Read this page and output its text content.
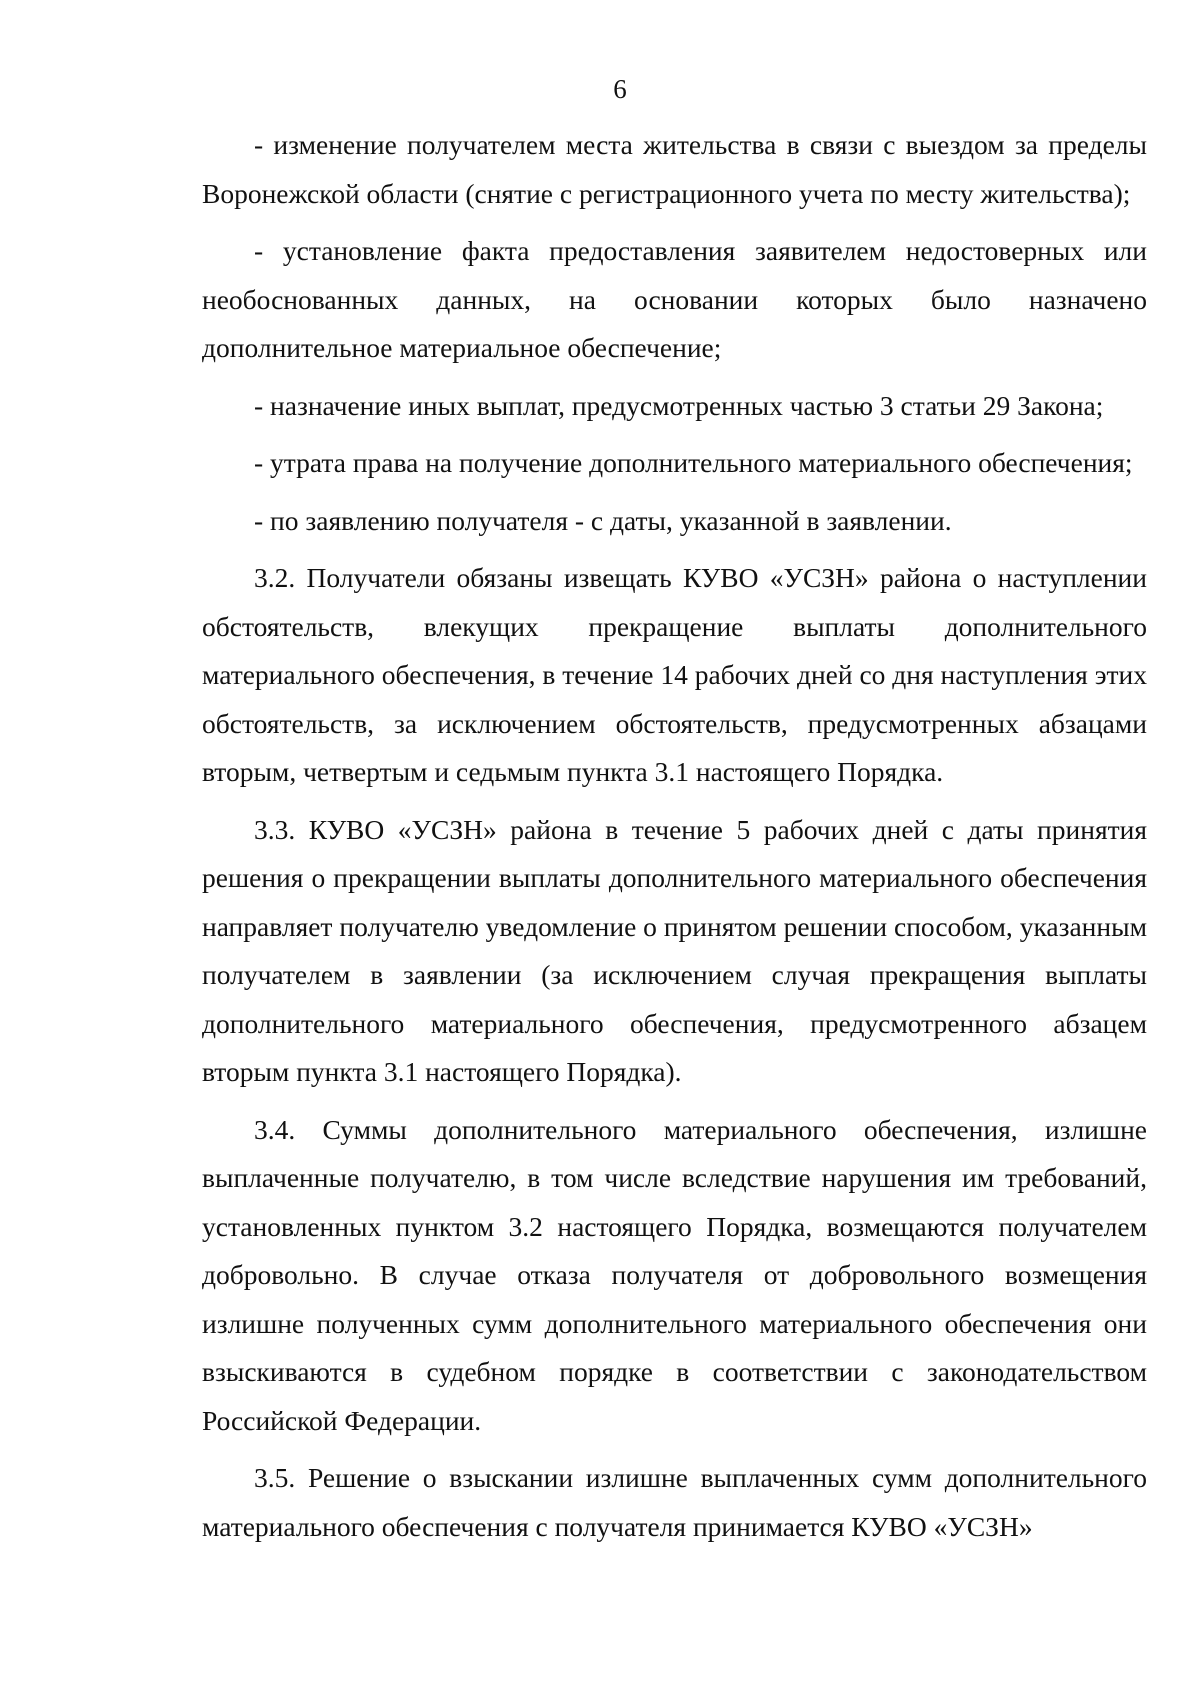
6

- изменение получателем места жительства в связи с выездом за пределы Воронежской области (снятие с регистрационного учета по месту жительства);

- установление факта предоставления заявителем недостоверных или необоснованных данных, на основании которых было назначено дополнительное материальное обеспечение;

- назначение иных выплат, предусмотренных частью 3 статьи 29 Закона;

- утрата права на получение дополнительного материального обеспечения;

- по заявлению получателя - с даты, указанной в заявлении.

3.2. Получатели обязаны извещать КУВО «УСЗН» района о наступлении обстоятельств, влекущих прекращение выплаты дополнительного материального обеспечения, в течение 14 рабочих дней со дня наступления этих обстоятельств, за исключением обстоятельств, предусмотренных абзацами вторым, четвертым и седьмым пункта 3.1 настоящего Порядка.

3.3. КУВО «УСЗН» района в течение 5 рабочих дней с даты принятия решения о прекращении выплаты дополнительного материального обеспечения направляет получателю уведомление о принятом решении способом, указанным получателем в заявлении (за исключением случая прекращения выплаты дополнительного материального обеспечения, предусмотренного абзацем вторым пункта 3.1 настоящего Порядка).

3.4. Суммы дополнительного материального обеспечения, излишне выплаченные получателю, в том числе вследствие нарушения им требований, установленных пунктом 3.2 настоящего Порядка, возмещаются получателем добровольно. В случае отказа получателя от добровольного возмещения излишне полученных сумм дополнительного материального обеспечения они взыскиваются в судебном порядке в соответствии с законодательством Российской Федерации.

3.5. Решение о взыскании излишне выплаченных сумм дополнительного материального обеспечения с получателя принимается КУВО «УСЗН»
